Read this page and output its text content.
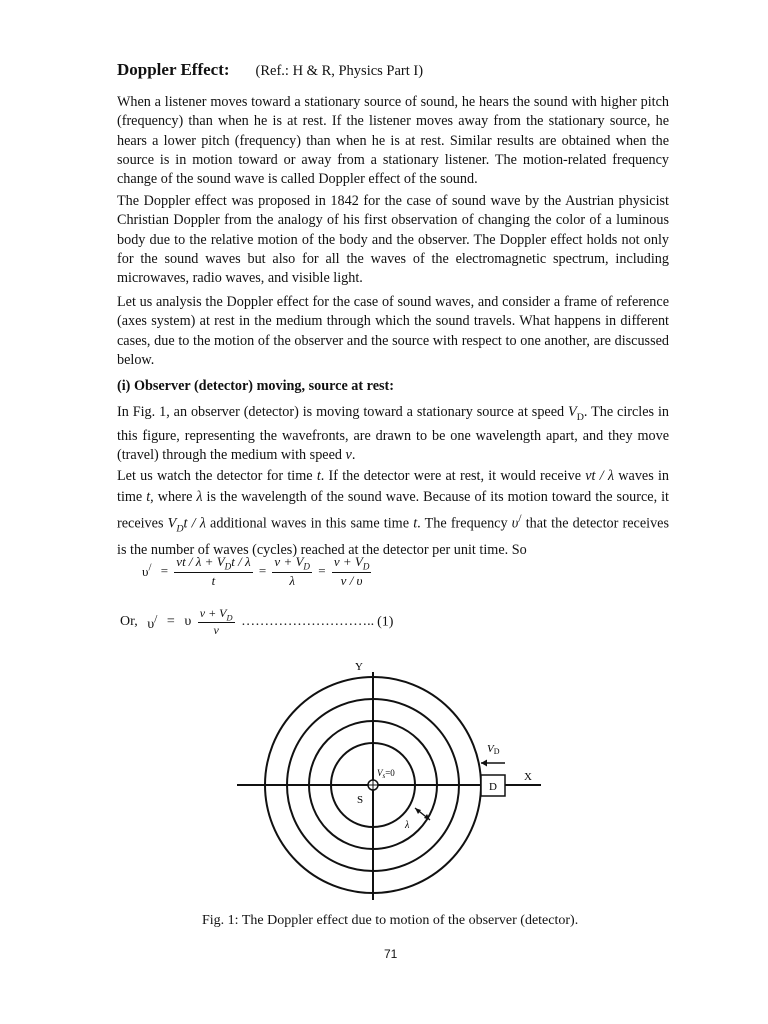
Doppler Effect: (Ref.: H & R, Physics Part I)

When a listener moves toward a stationary source of sound, he hears the sound with higher pitch (frequency) than when he is at rest. If the listener moves away from the stationary source, he hears a lower pitch (frequency) than when he is at rest. Similar results are obtained when the source is in motion toward or away from a stationary listener. The motion-related frequency change of the sound wave is called Doppler effect of the sound.

The Doppler effect was proposed in 1842 for the case of sound wave by the Austrian physicist Christian Doppler from the analogy of his first observation of changing the color of a luminous body due to the relative motion of the body and the observer. The Doppler effect holds not only for the sound waves but also for all the waves of the electromagnetic spectrum, including microwaves, radio waves, and visible light.

Let us analysis the Doppler effect for the case of sound waves, and consider a frame of reference (axes system) at rest in the medium through which the sound travels. What happens in different cases, due to the motion of the observer and the source with respect to one another, are discussed below.

(i) Observer (detector) moving, source at rest:

In Fig. 1, an observer (detector) is moving toward a stationary source at speed $V_D$. The circles in this figure, representing the wavefronts, are drawn to be one wavelength apart, and they move (travel) through the medium with speed v.

Let us watch the detector for time t. If the detector were at rest, it would receive vt / λ waves in time t, where λ is the wavelength of the sound wave. Because of its motion toward the source, it receives $V_Dt$ / λ additional waves in this same time t. The frequency υ/ that the detector receives is the number of waves (cycles) reached at the detector per unit time. So

$\upsilon^/ = \frac{vt / \lambda + V_Dt / \lambda}{t} = \frac{v + V_D}{\lambda} = \frac{v + V_D}{v / \upsilon}$
Or, υ/ = υ $\frac{v + V_D}{v}$ ……………………….. (1)
D
VD
Y
X
S
$V_s=0$
λ
Fig. 1: The Doppler effect due to motion of the observer (detector).
71
